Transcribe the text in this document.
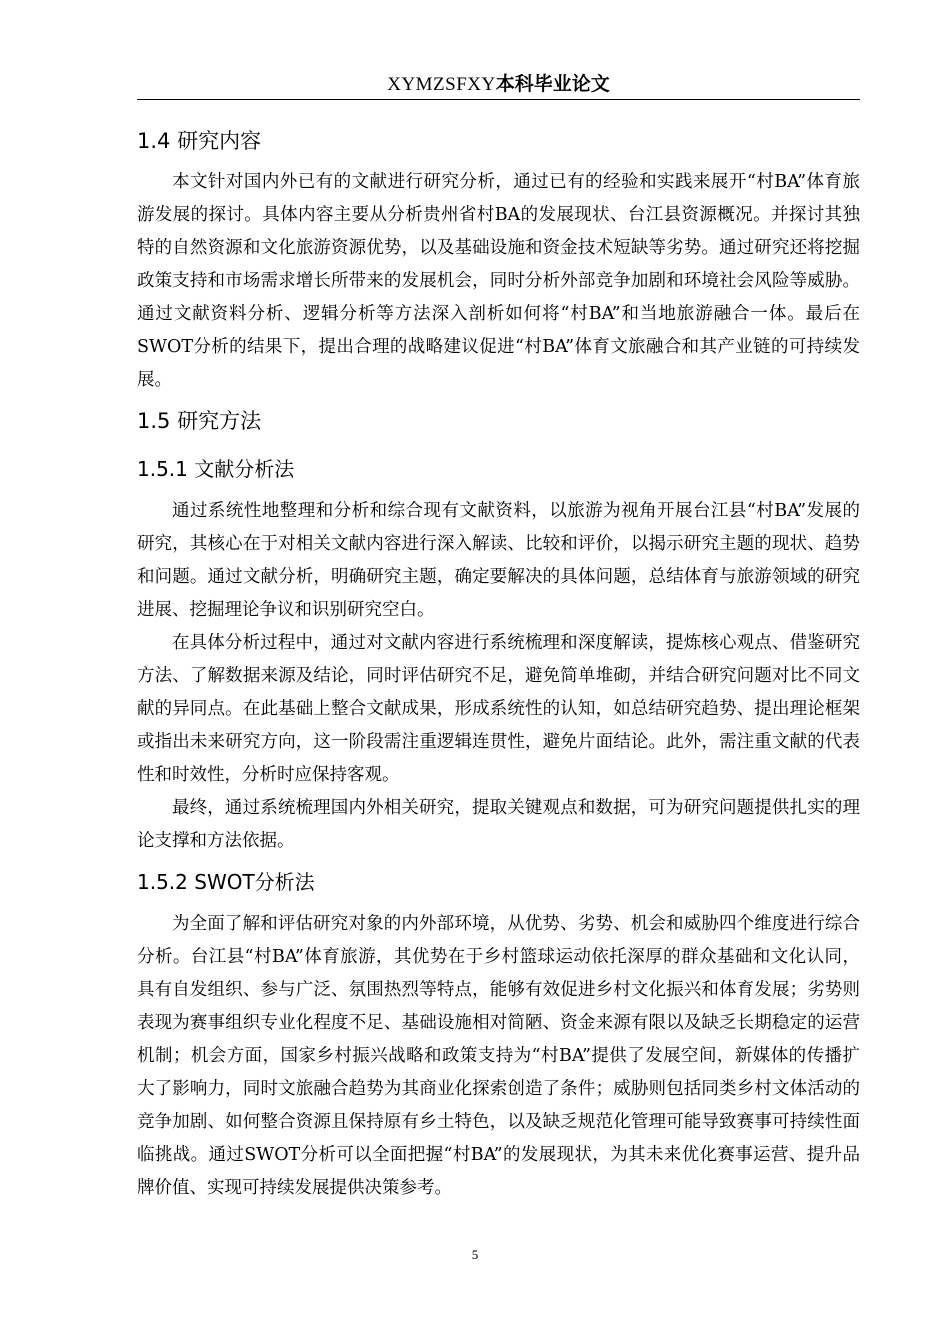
XYMZSFXY本科毕业论文
1.4 研究内容

本文针对国内外已有的文献进行研究分析，通过已有的经验和实践来展开“村BA”体育旅游发展的探讨。具体内容主要从分析贵州省村BA的发展现状、台江县资源概况。并探讨其独特的自然资源和文化旅游资源优势，以及基础设施和资金技术短缺等劣势。通过研究还将挖掘政策支持和市场需求增长所带来的发展机会，同时分析外部竞争加剧和环境社会风险等威胁。通过文献资料分析、逻辑分析等方法深入剖析如何将“村BA”和当地旅游融合一体。最后在SWOT分析的结果下，提出合理的战略建议促进“村BA”体育文旅融合和其产业链的可持续发展。

1.5 研究方法
1.5.1 文献分析法

通过系统性地整理和分析和综合现有文献资料，以旅游为视角开展台江县“村BA”发展的研究，其核心在于对相关文献内容进行深入解读、比较和评价，以揭示研究主题的现状、趋势和问题。通过文献分析，明确研究主题，确定要解决的具体问题，总结体育与旅游领域的研究进展、挖掘理论争议和识别研究空白。

在具体分析过程中，通过对文献内容进行系统梳理和深度解读，提炼核心观点、借鉴研究方法、了解数据来源及结论，同时评估研究不足，避免简单堆砌，并结合研究问题对比不同文献的异同点。在此基础上整合文献成果，形成系统性的认知，如总结研究趋势、提出理论框架或指出未来研究方向，这一阶段需注重逻辑连贯性，避免片面结论。此外，需注重文献的代表性和时效性，分析时应保持客观。

最终，通过系统梳理国内外相关研究，提取关键观点和数据，可为研究问题提供扎实的理论支撑和方法依据。

1.5.2 SWOT分析法

为全面了解和评估研究对象的内外部环境，从优势、劣势、机会和威胁四个维度进行综合分析。台江县“村BA”体育旅游，其优势在于乡村篮球运动依托深厚的群众基础和文化认同，具有自发组织、参与广泛、氛围热烈等特点，能够有效促进乡村文化振兴和体育发展；劣势则表现为赛事组织专业化程度不足、基础设施相对简陋、资金来源有限以及缺乏长期稳定的运营机制；机会方面，国家乡村振兴战略和政策支持为“村BA”提供了发展空间，新媒体的传播扩大了影响力，同时文旅融合趋势为其商业化探索创造了条件；威胁则包括同类乡村文体活动的竞争加剧、如何整合资源且保持原有乡土特色，以及缺乏规范化管理可能导致赛事可持续性面临挑战。通过SWOT分析可以全面把握“村BA”的发展现状，为其未来优化赛事运营、提升品牌价值、实现可持续发展提供决策参考。

5
